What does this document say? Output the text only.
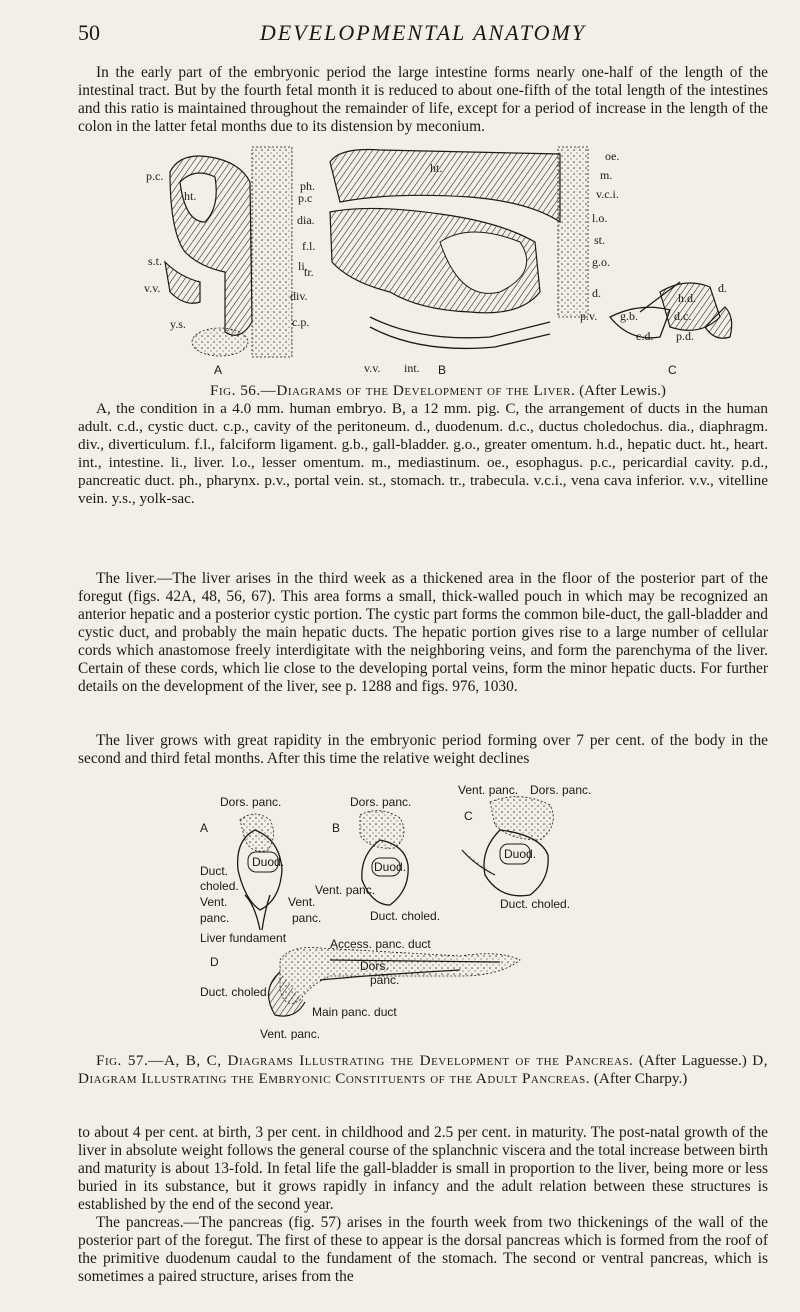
50	DEVELOPMENTAL ANATOMY

In the early part of the embryonic period the large intestine forms nearly one-half of the length of the intestinal tract. But by the fourth fetal month it is reduced to about one-fifth of the total length of the intestines and this ratio is maintained throughout the remainder of life, except for a period of increase in the length of the colon in the latter fetal months due to its distension by meconium.

p.c.
ht.
ph.
s.t.
v.v.
li.
y.s.
A
ht.
p.c
dia.
f.l.
tr.
div.
c.p.
v.v. int. B
oe.
m.
v.c.i.
l.o.
st.
g.o.
d.	h.d.
d.
g.b.	d.c.
c.d. p.d.
p.v.
C
Fig. 56.—Diagrams of the Development of the Liver. (After Lewis.)
A, the condition in a 4.0 mm. human embryo. B, a 12 mm. pig. C, the arrangement of ducts in the human adult. c.d., cystic duct. c.p., cavity of the peritoneum. d., duodenum. d.c., ductus choledochus. dia., diaphragm. div., diverticulum. f.l., falciform ligament. g.b., gall-bladder. g.o., greater omentum. h.d., hepatic duct. ht., heart. int., intestine. li., liver. l.o., lesser omentum. m., mediastinum. oe., esophagus. p.c., pericardial cavity. p.d., pancreatic duct. ph., pharynx. p.v., portal vein. st., stomach. tr., trabecula. v.c.i., vena cava inferior. v.v., vitelline vein. y.s., yolk-sac.

The liver.—The liver arises in the third week as a thickened area in the floor of the posterior part of the foregut (figs. 42A, 48, 56, 67). This area forms a small, thick-walled pouch in which may be recognized an anterior hepatic and a posterior cystic portion. The cystic part forms the common bile-duct, the gall-bladder and cystic duct, and probably the main hepatic ducts. The hepatic portion gives rise to a large number of cellular cords which anastomose freely interdigitate with the neighboring veins, and form the parenchyma of the liver. Certain of these cords, which lie close to the developing portal veins, form the minor hepatic ducts. For further details on the development of the liver, see p. 1288 and figs. 976, 1030.

The liver grows with great rapidity in the embryonic period forming over 7 per cent. of the body in the second and third fetal months. After this time the relative weight declines

Dors. panc.
A
Duod.
Duct.
choled.
Vent.
panc.
Vent.
panc.
Liver fundament
Dors. panc.
B
Duod.
Vent. panc.
Duct. choled.
Vent. panc. Dors. panc.
C
Duod.
Duct. choled.
D
Access. panc. duct
Dors.
panc.
Duct. choled.
Main panc. duct
Vent. panc.
Fig. 57.—A, B, C, Diagrams Illustrating the Development of the Pancreas. (After Laguesse.) D, Diagram Illustrating the Embryonic Constituents of the Adult Pancreas. (After Charpy.)

to about 4 per cent. at birth, 3 per cent. in childhood and 2.5 per cent. in maturity. The post-natal growth of the liver in absolute weight follows the general course of the splanchnic viscera and the total increase between birth and maturity is about 13-fold. In fetal life the gall-bladder is small in proportion to the liver, being more or less buried in its substance, but it grows rapidly in infancy and the adult relation between these structures is established by the end of the second year.

The pancreas.—The pancreas (fig. 57) arises in the fourth week from two thickenings of the wall of the posterior part of the foregut. The first of these to appear is the dorsal pancreas which is formed from the roof of the primitive duodenum caudal to the fundament of the stomach. The second or ventral pancreas, which is sometimes a paired structure, arises from the
